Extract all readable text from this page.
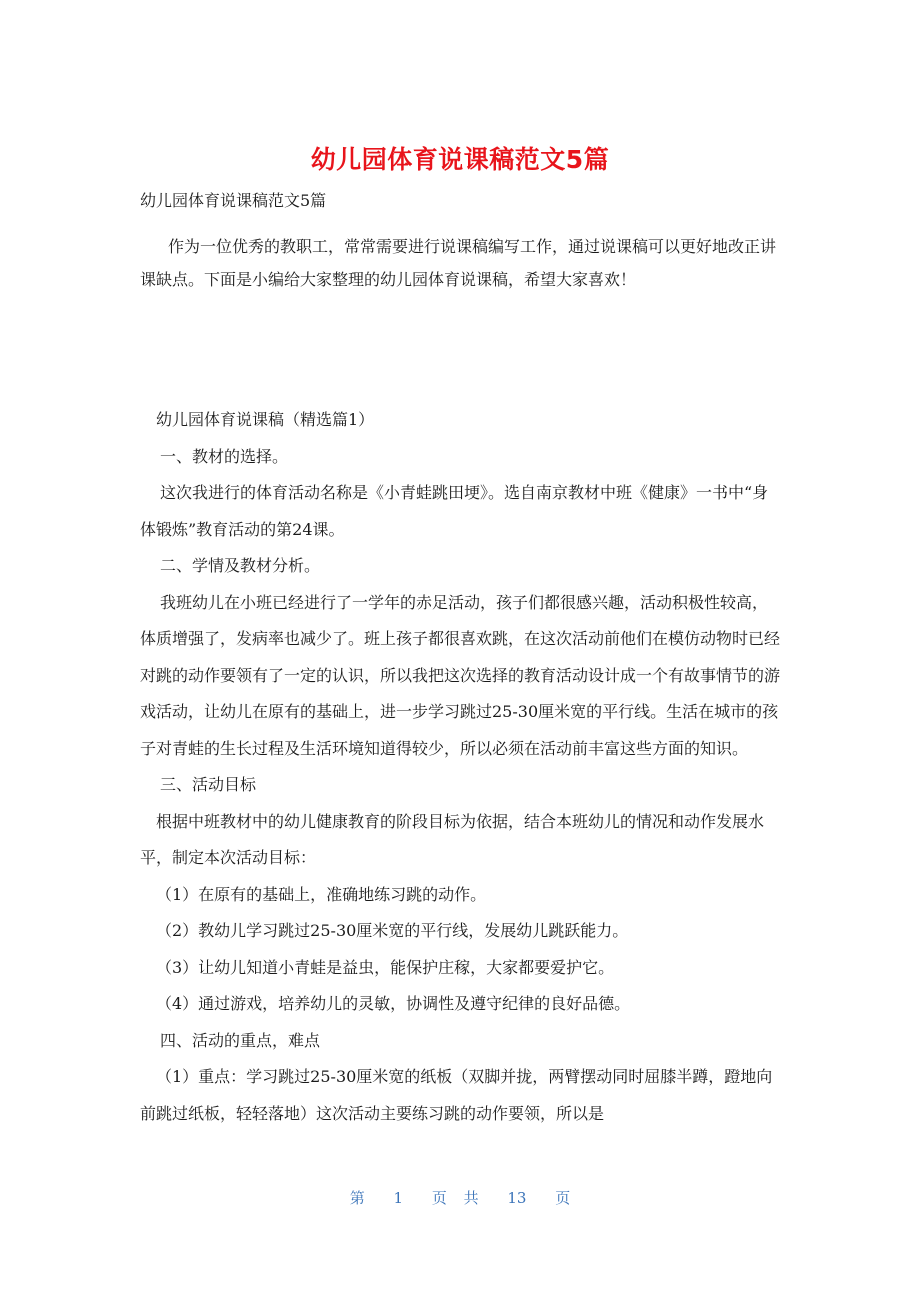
幼儿园体育说课稿范文5篇
幼儿园体育说课稿范文5篇

作为一位优秀的教职工，常常需要进行说课稿编写工作，通过说课稿可以更好地改正讲课缺点。下面是小编给大家整理的幼儿园体育说课稿，希望大家喜欢！

幼儿园体育说课稿（精选篇1）

一、教材的选择。

这次我进行的体育活动名称是《小青蛙跳田埂》。选自南京教材中班《健康》一书中“身体锻炼”教育活动的第24课。

二、学情及教材分析。

我班幼儿在小班已经进行了一学年的赤足活动，孩子们都很感兴趣，活动积极性较高，体质增强了，发病率也减少了。班上孩子都很喜欢跳，在这次活动前他们在模仿动物时已经对跳的动作要领有了一定的认识，所以我把这次选择的教育活动设计成一个有故事情节的游戏活动，让幼儿在原有的基础上，进一步学习跳过25-30厘米宽的平行线。生活在城市的孩子对青蛙的生长过程及生活环境知道得较少，所以必须在活动前丰富这些方面的知识。

三、活动目标

根据中班教材中的幼儿健康教育的阶段目标为依据，结合本班幼儿的情况和动作发展水平，制定本次活动目标：

（1）在原有的基础上，准确地练习跳的动作。

（2）教幼儿学习跳过25-30厘米宽的平行线，发展幼儿跳跃能力。

（3）让幼儿知道小青蛙是益虫，能保护庄稼，大家都要爱护它。

（4）通过游戏，培养幼儿的灵敏，协调性及遵守纪律的良好品德。

四、活动的重点，难点

（1）重点：学习跳过25-30厘米宽的纸板（双脚并拢，两臂摆动同时屈膝半蹲，蹬地向前跳过纸板，轻轻落地）这次活动主要练习跳的动作要领，所以是

第 1 页 共 13 页
